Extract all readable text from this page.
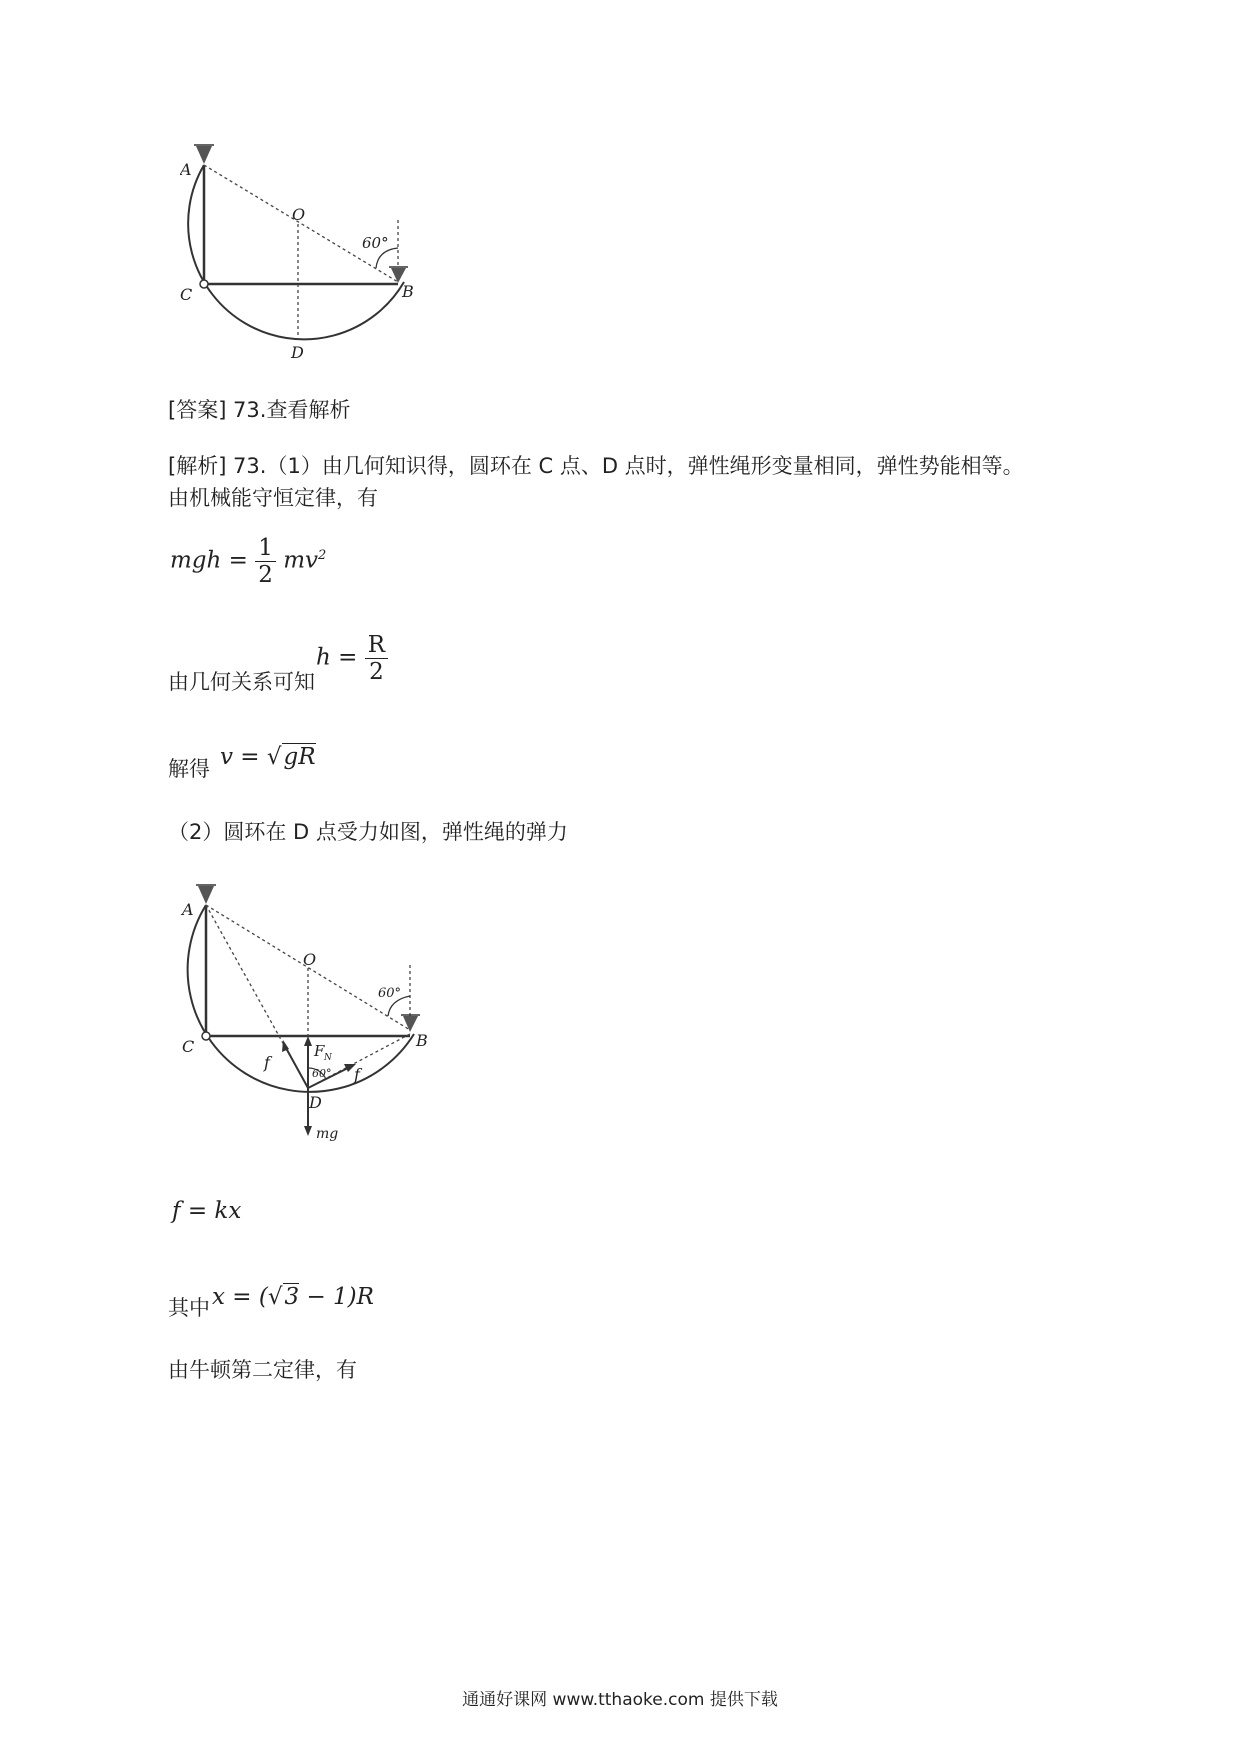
A
O
C	B
D
60°
[答案] 73.查看解析
[解析] 73.（1）由几何知识得，圆环在 C 点、D 点时，弹性绳形变量相同，弹性势能相等。
由机械能守恒定律，有
mgh = $\frac{1}{2} mv^2$
由几何关系可知
$h = \frac{R}{2}$
解得 v = √gR
（2）圆环在 D 点受力如图，弹性绳的弹力
A
O
C	B
D
F N
f
f
mg
60°
60°
f = kx
其中 x = (√3 − 1)R
由牛顿第二定律，有
通通好课网 www.tthaoke.com 提供下载
